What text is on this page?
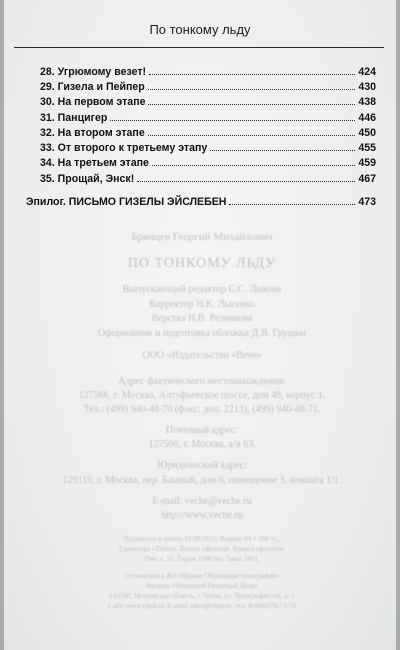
По тонкому льду
28. Угрюмому везет!	424
29. Гизела и Пейпер	430
30. На первом этапе	438
31. Панцигер	446
32. На втором этапе	450
33. От второго к третьему этапу	455
34. На третьем этапе	459
35. Прощай, Энск!	467
Эпилог. ПИСЬМО ГИЗЕЛЫ ЭЙСЛЕБЕН	473
Брянцев Георгий Михайлович
ПО ТОНКОМУ ЛЬДУ
Выпускающий редактор С.С. Лыкова
Корректор Н.К. Лысенко
Верстка Н.В. Резникова
Оформление и подготовка обложки Д.В. Грушин
ООО «Издательство «Вече»
Адрес фактического местонахождения:
127566, г. Москва, Алтуфьевское шоссе, дом 48, корпус 1.
Тел.: (499) 940-48-70 (факс: доп. 2213), (499) 940-48-71.
Почтовый адрес:
127566, г. Москва, а/я 63.
Юридический адрес:
129110, г. Москва, пер. Банный, дом 6, помещение 3, комната 1/1.
E-mail: veche@veche.ru
http://www.veche.ru
Подписано в печать 01.08.2016. Формат 84 × 108 ⅓₂.
Гарнитура «Times». Печать офсетная. Бумага офсетная.
Печ. л. 15. Тираж 1500 экз. Заказ 1851.
Отпечатано в АО «Первая Образцовая типография»
Филиал «Чеховский Печатный Двор»
142300, Московская область, г. Чехов, ул. Полиграфистов, д. 1
Сайт: www.chpd.ru, E-mail: sales@chpd.ru, тел. 8(499)270-73-59
